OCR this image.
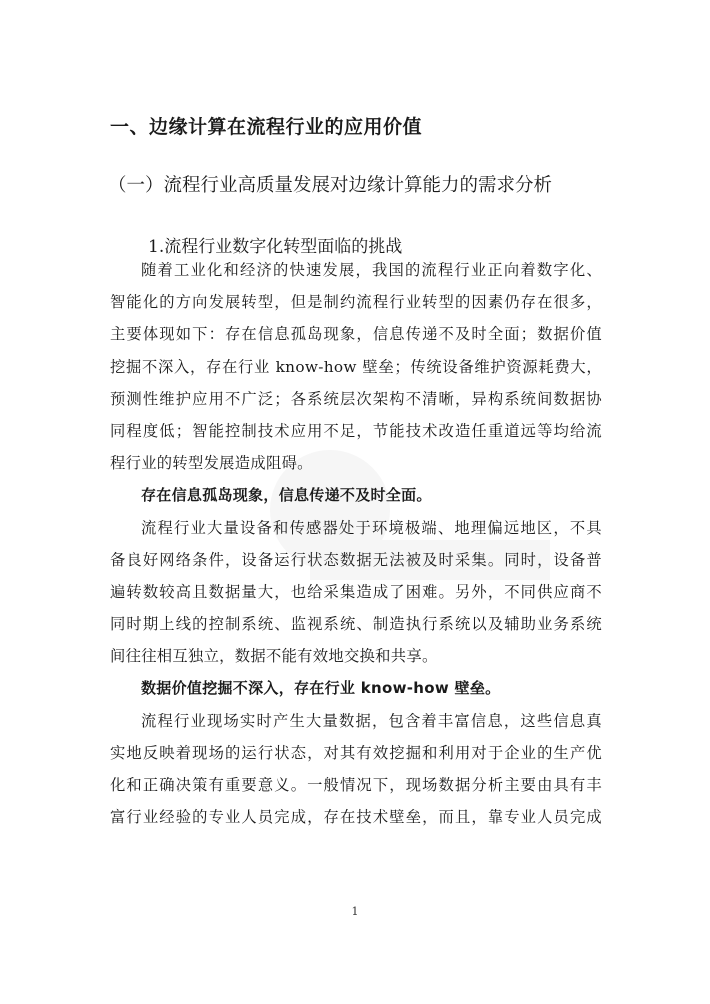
一、边缘计算在流程行业的应用价值
（一）流程行业高质量发展对边缘计算能力的需求分析
1.流程行业数字化转型面临的挑战
随着工业化和经济的快速发展，我国的流程行业正向着数字化、
智能化的方向发展转型，但是制约流程行业转型的因素仍存在很多，
主要体现如下：存在信息孤岛现象，信息传递不及时全面；数据价值
挖掘不深入，存在行业 know-how 壁垒；传统设备维护资源耗费大，
预测性维护应用不广泛；各系统层次架构不清晰，异构系统间数据协
同程度低；智能控制技术应用不足，节能技术改造任重道远等均给流
程行业的转型发展造成阻碍。
存在信息孤岛现象，信息传递不及时全面。
流程行业大量设备和传感器处于环境极端、地理偏远地区，不具
备良好网络条件，设备运行状态数据无法被及时采集。同时，设备普
遍转数较高且数据量大，也给采集造成了困难。另外，不同供应商不
同时期上线的控制系统、监视系统、制造执行系统以及辅助业务系统
间往往相互独立，数据不能有效地交换和共享。
数据价值挖掘不深入，存在行业 know-how 壁垒。
流程行业现场实时产生大量数据，包含着丰富信息，这些信息真
实地反映着现场的运行状态，对其有效挖掘和利用对于企业的生产优
化和正确决策有重要意义。一般情况下，现场数据分析主要由具有丰
富行业经验的专业人员完成，存在技术壁垒，而且，靠专业人员完成
1
